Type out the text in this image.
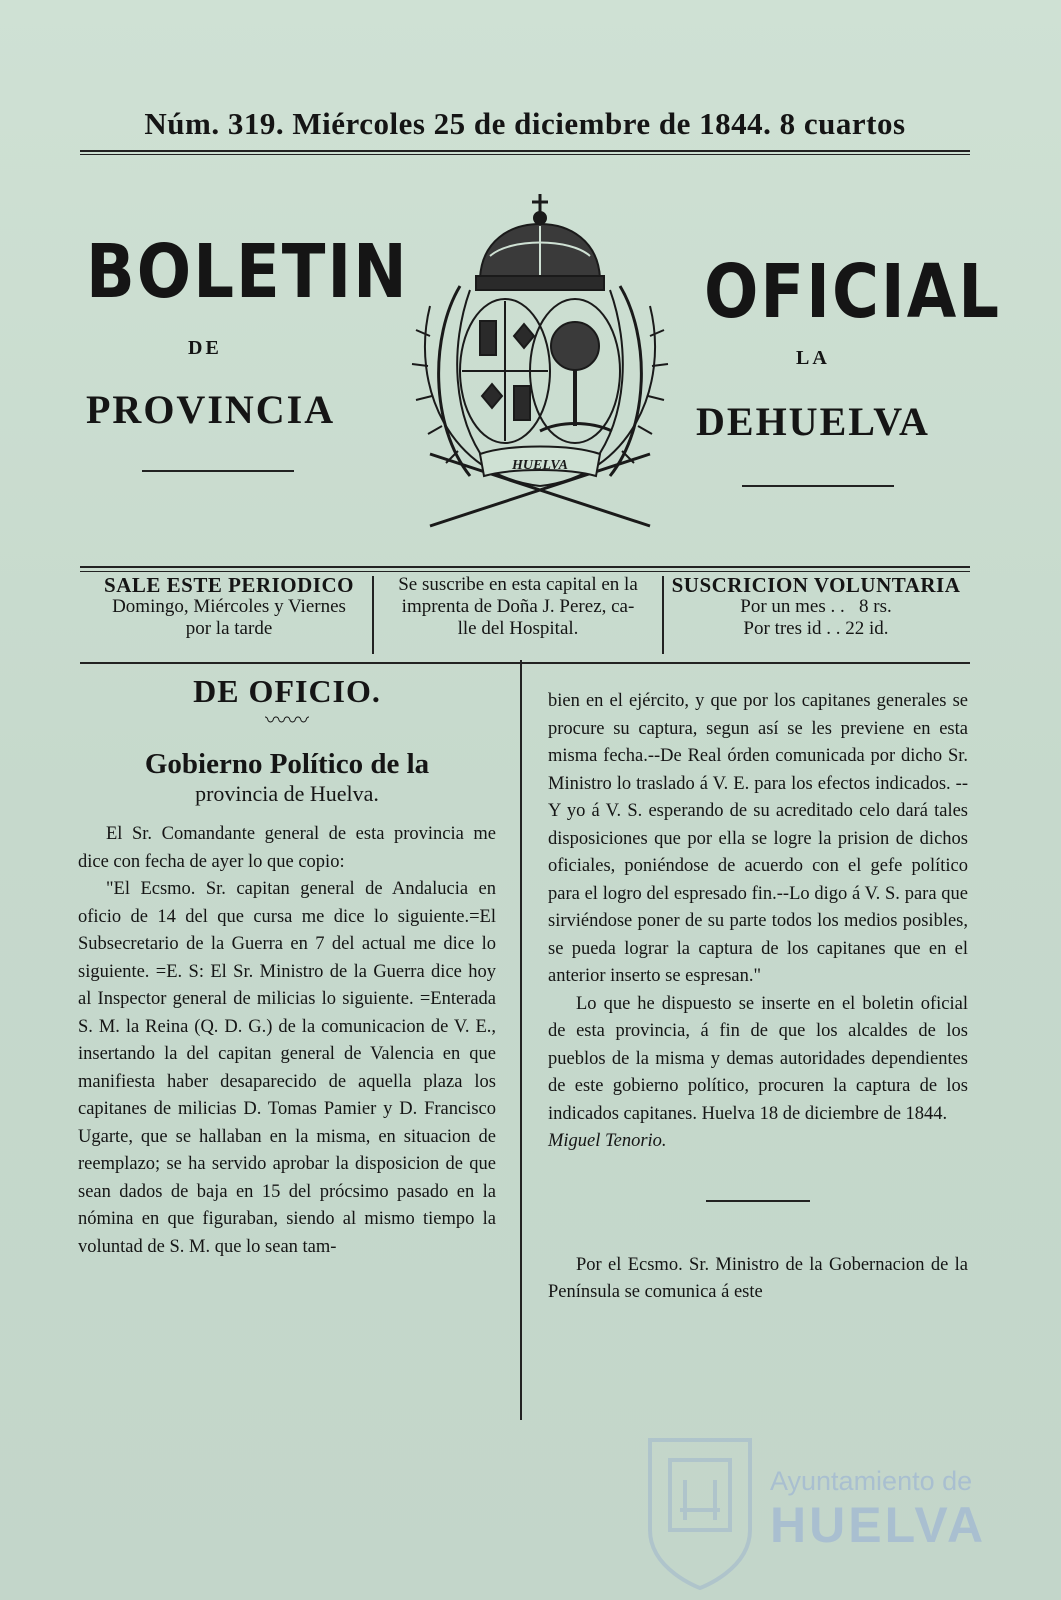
Núm. 319. Miércoles 25 de diciembre de 1844. 8 cuartos
BOLETIN	OFICIAL
DE	LA
PROVINCIA	DEHUELVA
HUELVA
SALE ESTE PERIODICO
Domingo, Miércoles y Viernes
por la tarde
Se suscribe en esta capital en la
imprenta de Doña J. Perez, ca-
lle del Hospital.
SUSCRICION VOLUNTARIA
Por un mes . .   8 rs.
Por tres id . . 22 id.

DE OFICIO.

〰〰

Gobierno Político de la

provincia de Huelva.

El Sr. Comandante general de esta provincia me dice con fecha de ayer lo que copio:

"El Ecsmo. Sr. capitan general de Andalucia en oficio de 14 del que cursa me dice lo siguiente.=El Subsecretario de la Guerra en 7 del actual me dice lo siguiente. =E. S: El Sr. Ministro de la Guerra dice hoy al Inspector general de milicias lo siguiente. =Enterada S. M. la Reina (Q. D. G.) de la comunicacion de V. E., insertando la del capitan general de Valencia en que manifiesta haber desaparecido de aquella plaza los capitanes de milicias D. Tomas Pamier y D. Francisco Ugarte, que se hallaban en la misma, en situacion de reemplazo; se ha servido aprobar la disposicion de que sean dados de baja en 15 del prócsimo pasado en la nómina en que figuraban, siendo al mismo tiempo la voluntad de S. M. que lo sean tam-

bien en el ejército, y que por los capitanes generales se procure su captura, segun así se les previene en esta misma fecha.--De Real órden comunicada por dicho Sr. Ministro lo traslado á V. E. para los efectos indicados. --Y yo á V. S. esperando de su acreditado celo dará tales disposiciones que por ella se logre la prision de dichos oficiales, poniéndose de acuerdo con el gefe político para el logro del espresado fin.--Lo digo á V. S. para que sirviéndose poner de su parte todos los medios posibles, se pueda lograr la captura de los capitanes que en el anterior inserto se espresan."

Lo que he dispuesto se inserte en el boletin oficial de esta provincia, á fin de que los alcaldes de los pueblos de la misma y demas autoridades dependientes de este gobierno político, procuren la captura de los indicados capitanes. Huelva 18 de diciembre de 1844.

Miguel Tenorio.

Por el Ecsmo. Sr. Ministro de la Gobernacion de la Península se comunica á este

Ayuntamiento de
HUELVA
